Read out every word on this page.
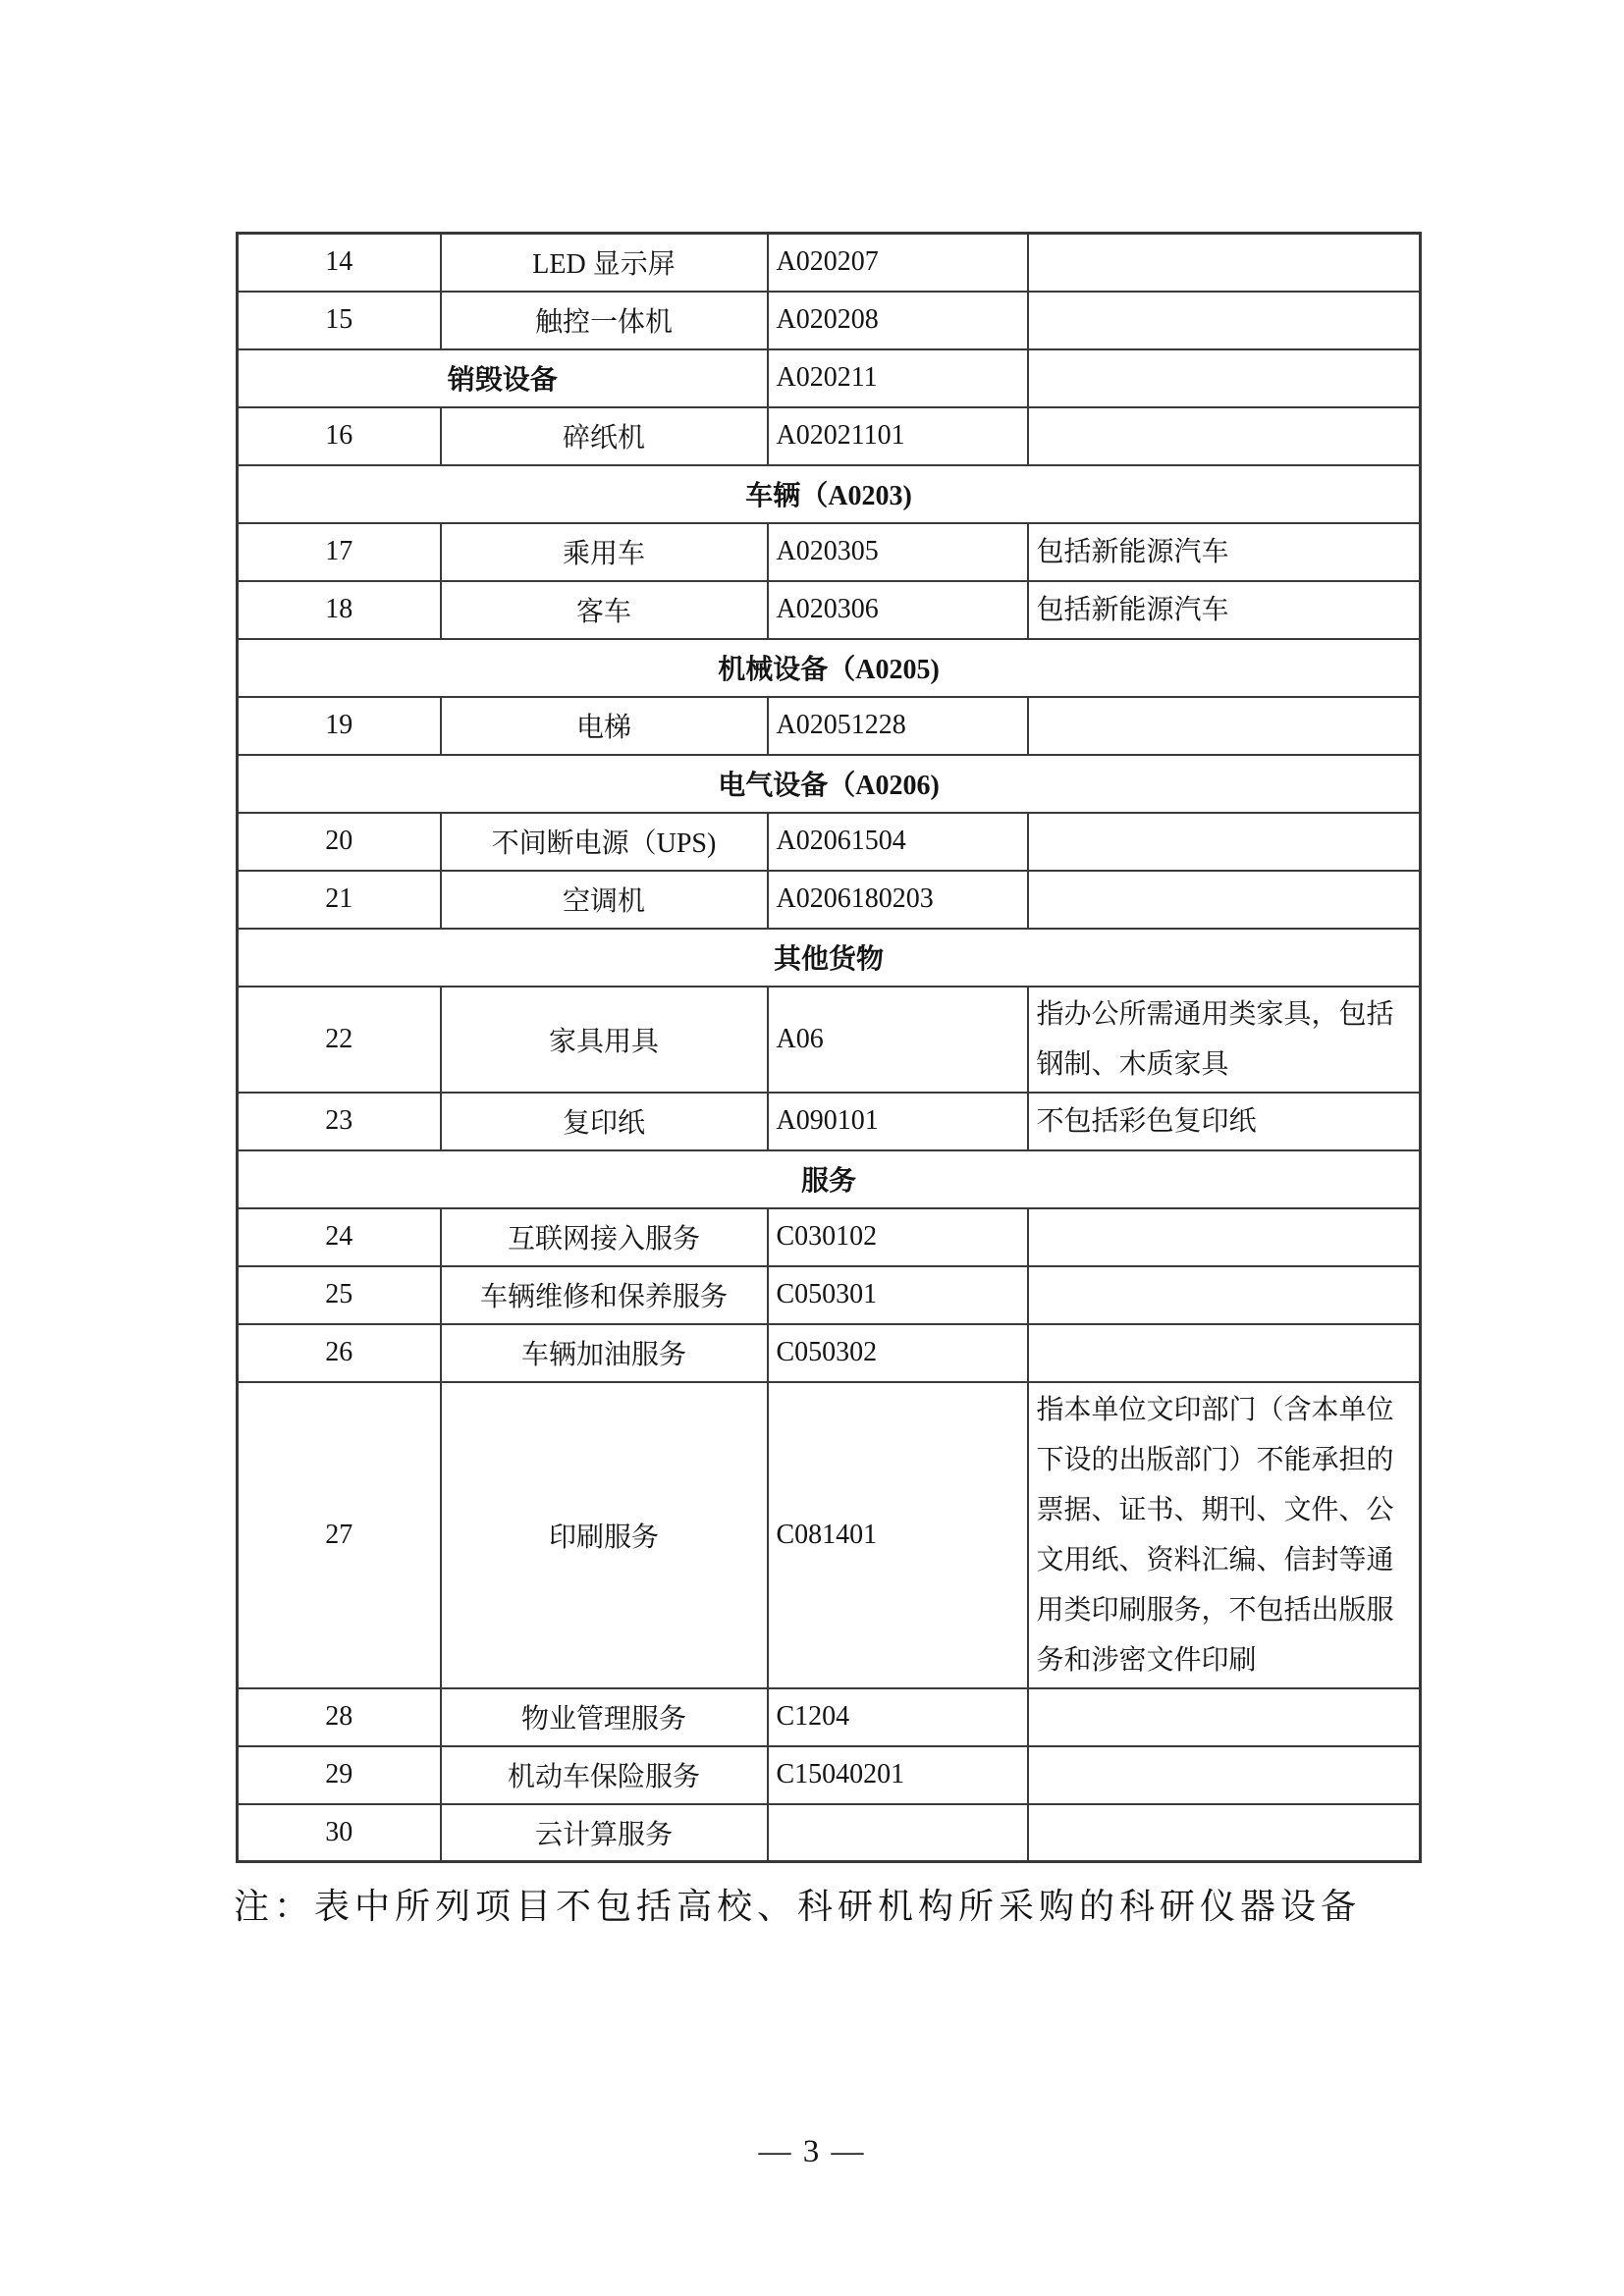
14	LED 显示屏	A020207	
15	触控一体机	A020208	
销毁设备		A020211	
16	碎纸机	A02021101	
车辆（A0203)			
17	乘用车	A020305	包括新能源汽车
18	客车	A020306	包括新能源汽车
机械设备（A0205)			
19	电梯	A02051228	
电气设备（A0206)			
20	不间断电源（UPS)	A02061504	
21	空调机	A0206180203	
其他货物			
22	家具用具	A06	指办公所需通用类家具，包括钢制、木质家具
23	复印纸	A090101	不包括彩色复印纸
服务			
24	互联网接入服务	C030102	
25	车辆维修和保养服务	C050301	
26	车辆加油服务	C050302	
27	印刷服务	C081401	指本单位文印部门（含本单位下设的出版部门）不能承担的票据、证书、期刊、文件、公文用纸、资料汇编、信封等通用类印刷服务，不包括出版服务和涉密文件印刷
28	物业管理服务	C1204	
29	机动车保险服务	C15040201	
30	云计算服务		
注：表中所列项目不包括高校、科研机构所采购的科研仪器设备
— 3 —
